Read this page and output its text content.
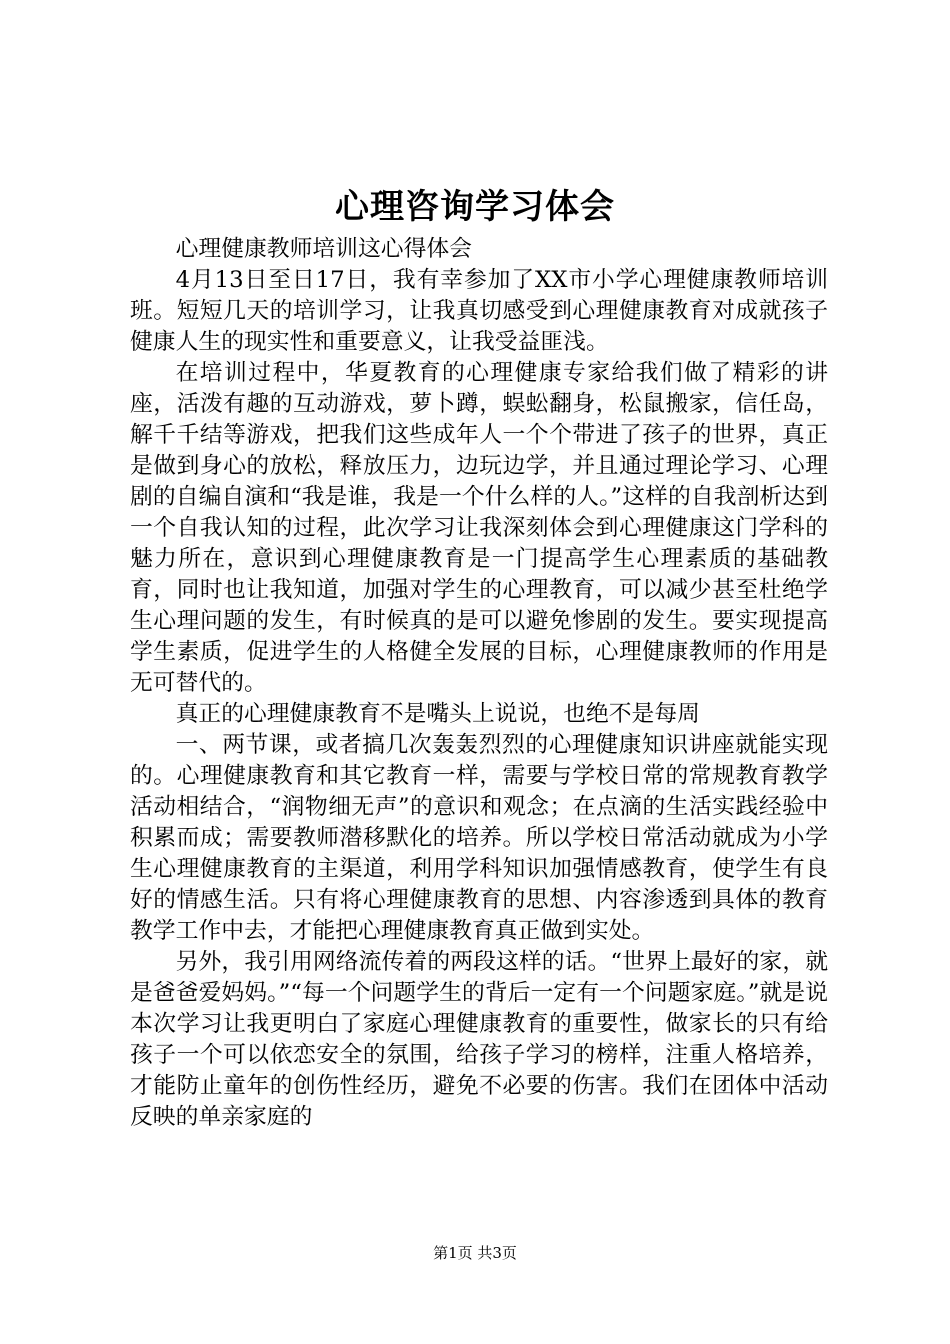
心理咨询学习体会

心理健康教师培训这心得体会

4月13日至日17日，我有幸参加了XX市小学心理健康教师培训班。短短几天的培训学习，让我真切感受到心理健康教育对成就孩子健康人生的现实性和重要意义，让我受益匪浅。

在培训过程中，华夏教育的心理健康专家给我们做了精彩的讲座，活泼有趣的互动游戏，萝卜蹲，蜈蚣翻身，松鼠搬家，信任岛，解千千结等游戏，把我们这些成年人一个个带进了孩子的世界，真正是做到身心的放松，释放压力，边玩边学，并且通过理论学习、心理剧的自编自演和“我是谁，我是一个什么样的人。”这样的自我剖析达到一个自我认知的过程，此次学习让我深刻体会到心理健康这门学科的魅力所在，意识到心理健康教育是一门提高学生心理素质的基础教育，同时也让我知道，加强对学生的心理教育，可以减少甚至杜绝学生心理问题的发生，有时候真的是可以避免惨剧的发生。要实现提高学生素质，促进学生的人格健全发展的目标，心理健康教师的作用是无可替代的。

真正的心理健康教育不是嘴头上说说，也绝不是每周

一、两节课，或者搞几次轰轰烈烈的心理健康知识讲座就能实现的。心理健康教育和其它教育一样，需要与学校日常的常规教育教学活动相结合，“润物细无声”的意识和观念；在点滴的生活实践经验中积累而成；需要教师潜移默化的培养。所以学校日常活动就成为小学生心理健康教育的主渠道，利用学科知识加强情感教育，使学生有良好的情感生活。只有将心理健康教育的思想、内容渗透到具体的教育教学工作中去，才能把心理健康教育真正做到实处。

另外，我引用网络流传着的两段这样的话。“世界上最好的家，就是爸爸爱妈妈。”“每一个问题学生的背后一定有一个问题家庭。”就是说本次学习让我更明白了家庭心理健康教育的重要性，做家长的只有给孩子一个可以依恋安全的氛围，给孩子学习的榜样，注重人格培养，才能防止童年的创伤性经历，避免不必要的伤害。我们在团体中活动反映的单亲家庭的

第1页 共3页
